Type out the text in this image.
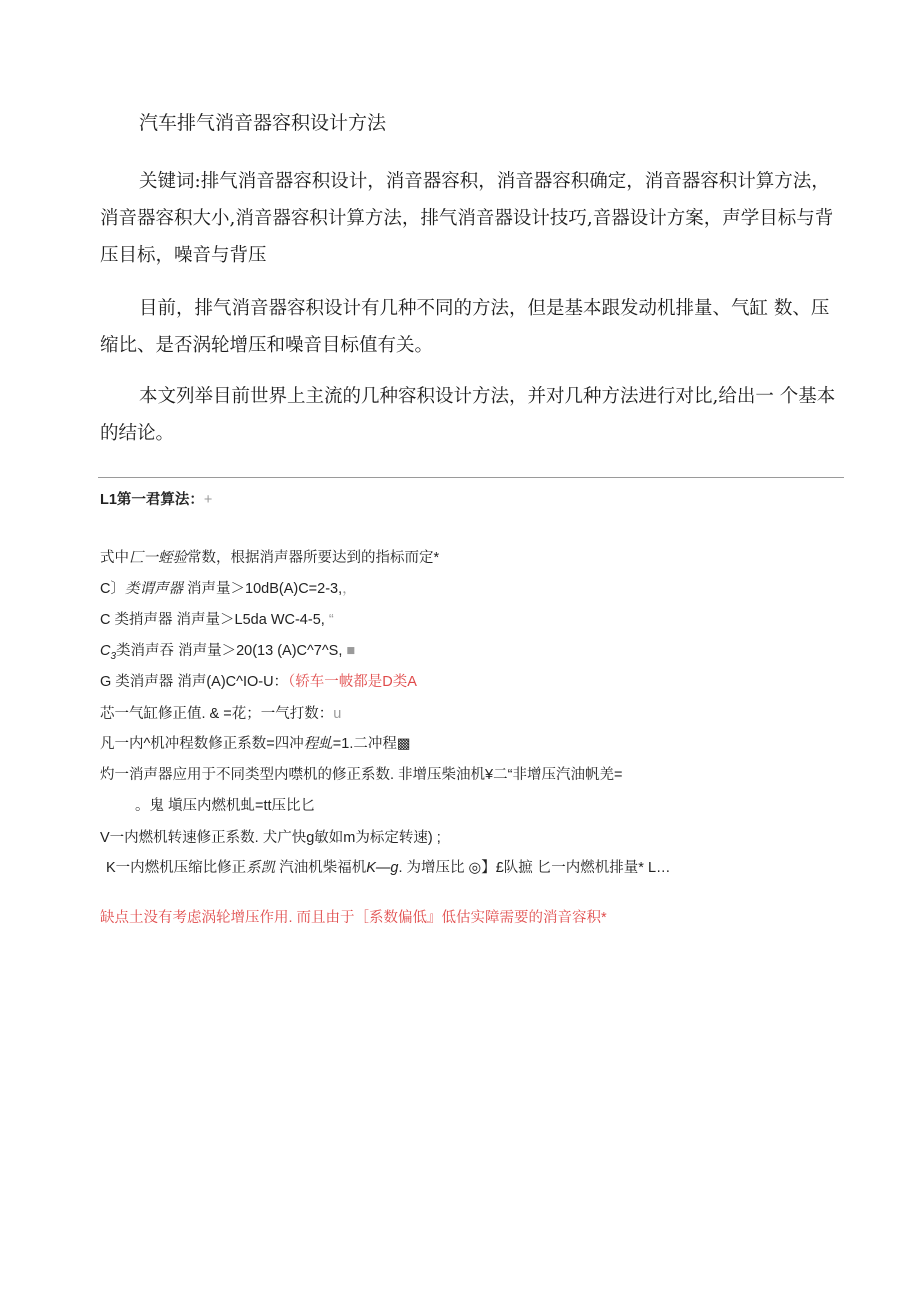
汽车排气消音器容积设计方法

关键词:排气消音器容积设计，消音器容积，消音器容积确定，消音器容积计算方法，消音器容积大小,消音器容积计算方法，排气消音器设计技巧,音器设计方案，声学目标与背压目标，噪音与背压

目前，排气消音器容积设计有几种不同的方法，但是基本跟发动机排量、气缸 数、压缩比、是否涡轮增压和噪音目标值有关。

本文列举目前世界上主流的几种容积设计方法，并对几种方法进行对比,给出一 个基本的结论。

L1第一君算法：+
式中匚一蛭验常数，根据消声器所要达到的指标而定*
C〕类谓声器 消声量＞10dB(A)C=2-3,，
C 类捎声器 消声量＞L5da WC-4-5, “
$C_3$类消声吞 消声量＞20(13 (A)C^7^S, ■
G 类消声器 消声(A)C^IO-U：（轿车一帔都是D类A
芯一气缸修正值. & =花；一气打数：u
凡一内^机冲程数修正系数=四冲程虬=1.二冲程▩
灼一消声器应用于不同类型内噤机的修正系数. 非增压柴油机¥二“非增压汽油帆羌=
。鬼 塡压内燃机虬=tt压比匕
V一内燃机转速修正系数. 犬广快g敏如m为标定转速) ;
K一内燃机压缩比修正系凯 汽油机柴福机K—g. 为增压比 ◎】£队摭 匕一内燃机排量* L…
缺点土没有考虑涡轮增压作用. 而且由于［系数偏低』低估实障需要的消音容积*
